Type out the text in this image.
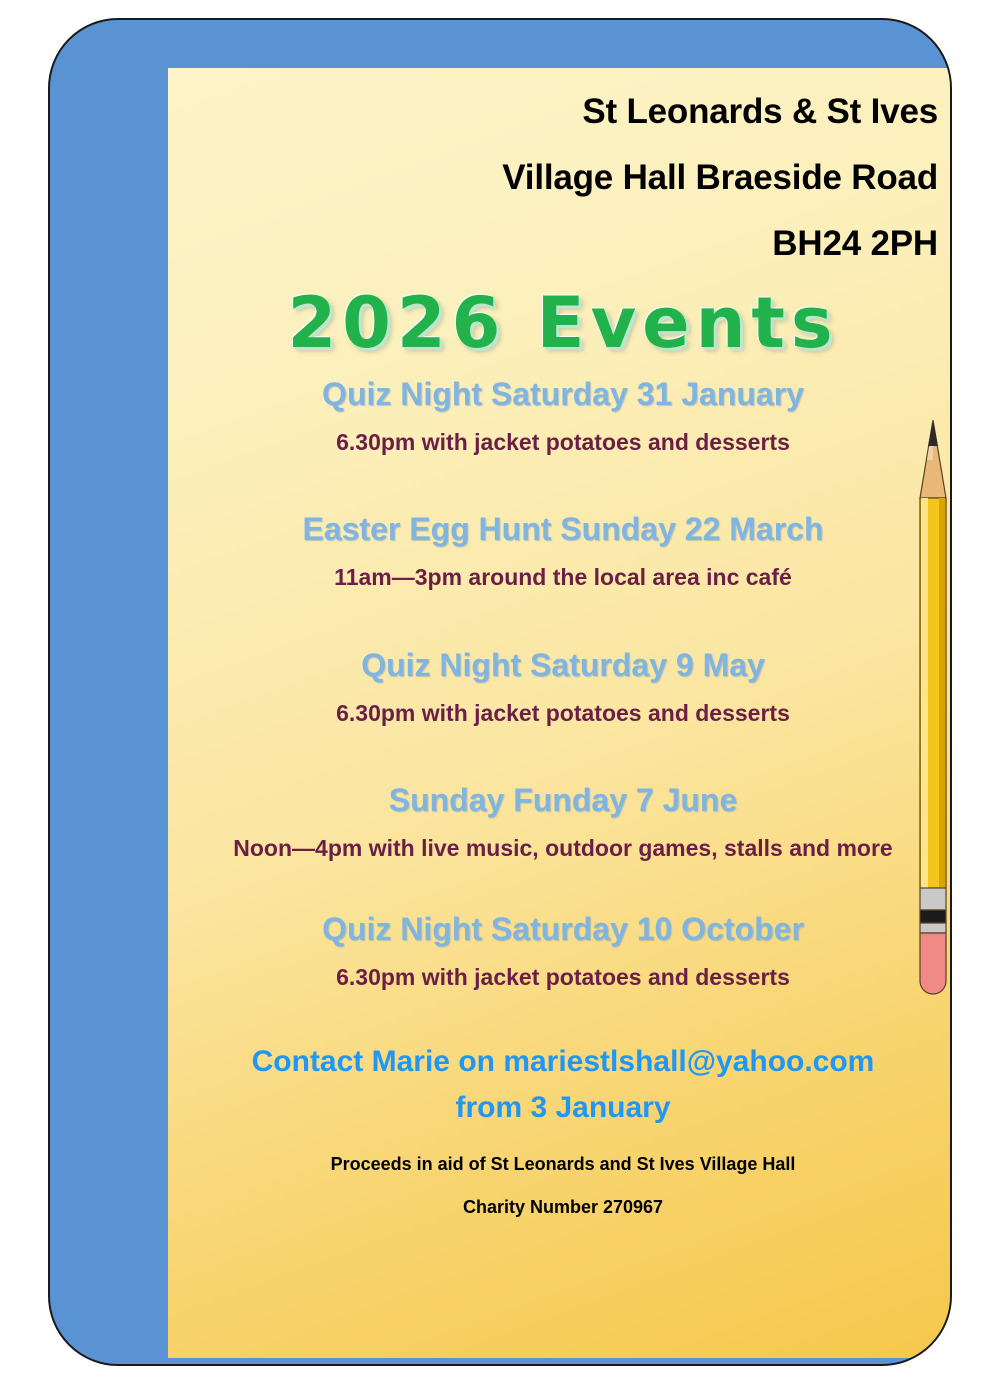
St Leonards & St Ives
Village Hall Braeside Road
BH24 2PH
2026 Events
Quiz Night Saturday 31 January
6.30pm with jacket potatoes and desserts
Easter Egg Hunt Sunday 22 March
11am—3pm around the local area inc café
Quiz Night Saturday 9 May
6.30pm with jacket potatoes and desserts
Sunday Funday 7 June
Noon—4pm with live music, outdoor games, stalls and more
Quiz Night Saturday 10 October
6.30pm with jacket potatoes and desserts
Contact Marie on mariestlshall@yahoo.com
from 3 January
Proceeds in aid of St Leonards and St Ives Village Hall
Charity Number 270967
